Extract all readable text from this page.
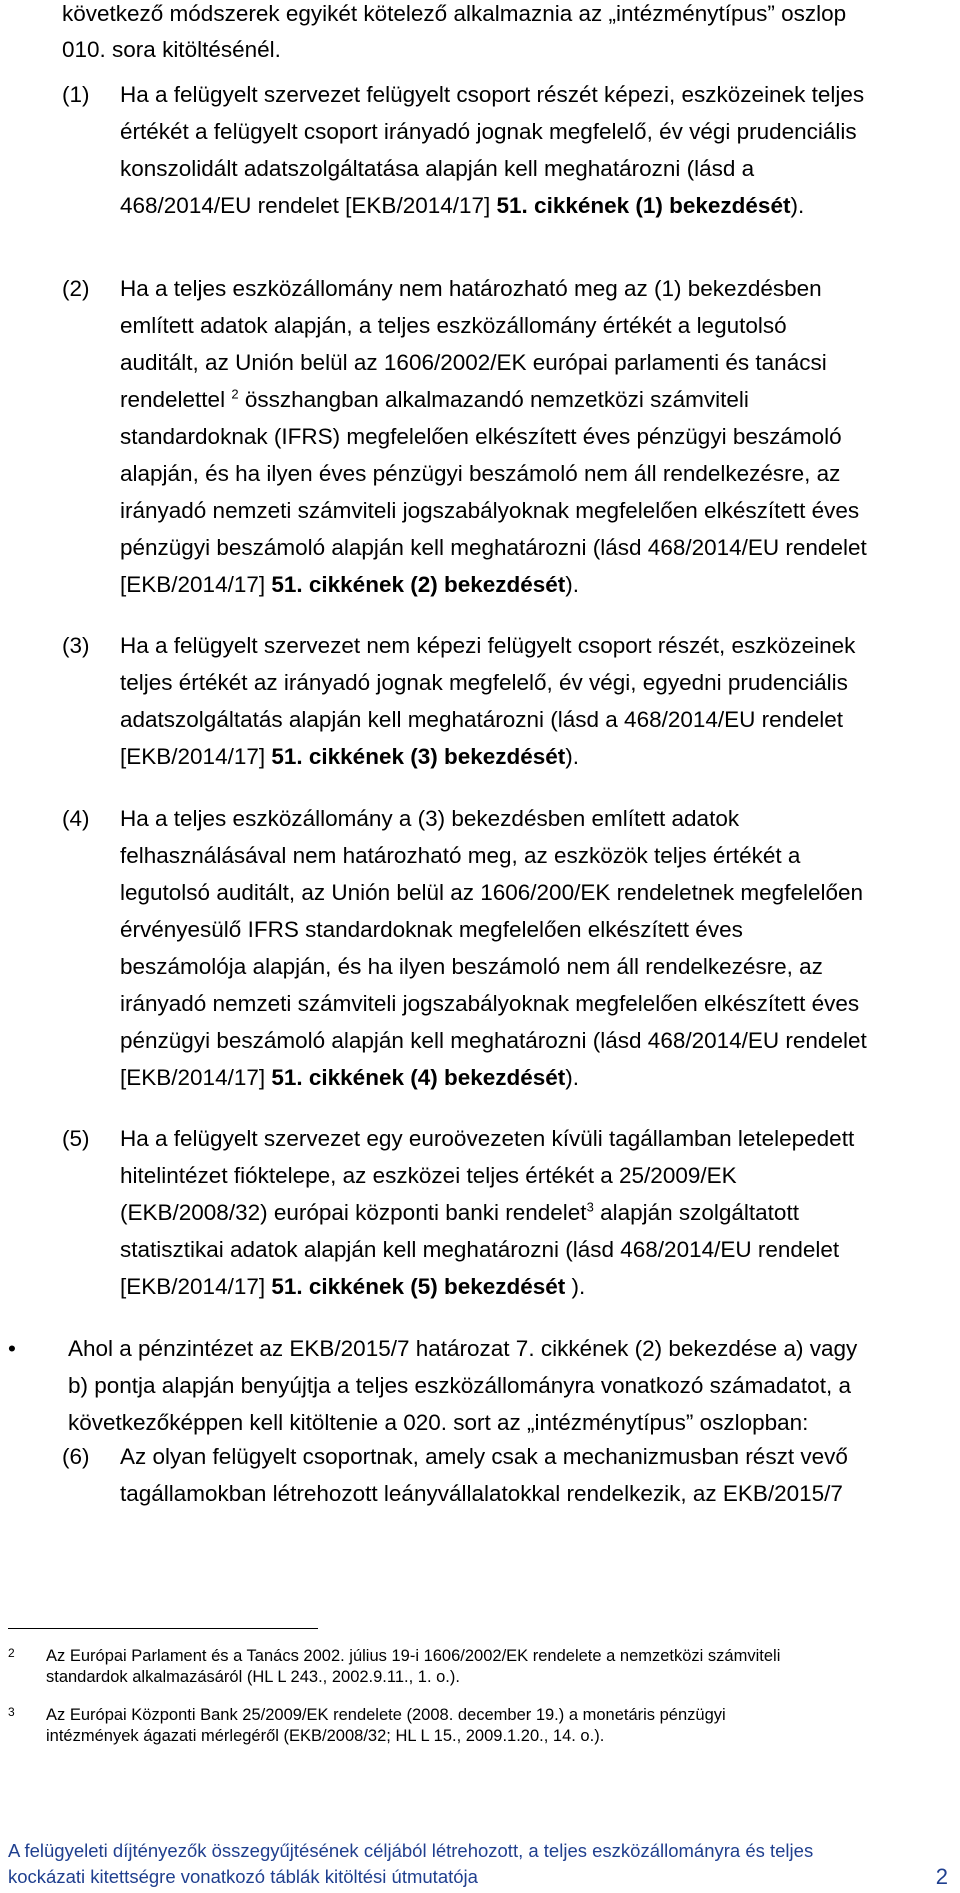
következő módszerek egyikét kötelező alkalmaznia az „intézménytípus” oszlop
010. sora kitöltésénél.
(1) Ha a felügyelt szervezet felügyelt csoport részét képezi, eszközeinek teljes
értékét a felügyelt csoport irányadó jognak megfelelő, év végi prudenciális
konszolidált adatszolgáltatása alapján kell meghatározni (lásd a
468/2014/EU rendelet [EKB/2014/17] 51. cikkének (1) bekezdését).
(2) Ha a teljes eszközállomány nem határozható meg az (1) bekezdésben
említett adatok alapján, a teljes eszközállomány értékét a legutolsó
auditált, az Unión belül az 1606/2002/EK európai parlamenti és tanácsi
rendelettel $^2$ összhangban alkalmazandó nemzetközi számviteli
standardoknak (IFRS) megfelelően elkészített éves pénzügyi beszámoló
alapján, és ha ilyen éves pénzügyi beszámoló nem áll rendelkezésre, az
irányadó nemzeti számviteli jogszabályoknak megfelelően elkészített éves
pénzügyi beszámoló alapján kell meghatározni (lásd 468/2014/EU rendelet
[EKB/2014/17] 51. cikkének (2) bekezdését).
(3) Ha a felügyelt szervezet nem képezi felügyelt csoport részét, eszközeinek
teljes értékét az irányadó jognak megfelelő, év végi, egyedni prudenciális
adatszolgáltatás alapján kell meghatározni (lásd a 468/2014/EU rendelet
[EKB/2014/17] 51. cikkének (3) bekezdését).
(4) Ha a teljes eszközállomány a (3) bekezdésben említett adatok
felhasználásával nem határozható meg, az eszközök teljes értékét a
legutolsó auditált, az Unión belül az 1606/200/EK rendeletnek megfelelően
érvényesülő IFRS standardoknak megfelelően elkészített éves
beszámolója alapján, és ha ilyen beszámoló nem áll rendelkezésre, az
irányadó nemzeti számviteli jogszabályoknak megfelelően elkészített éves
pénzügyi beszámoló alapján kell meghatározni (lásd 468/2014/EU rendelet
[EKB/2014/17] 51. cikkének (4) bekezdését).
(5) Ha a felügyelt szervezet egy euroövezeten kívüli tagállamban letelepedett
hitelintézet fióktelepe, az eszközei teljes értékét a 25/2009/EK
(EKB/2008/32) európai központi banki rendelet$^3$ alapján szolgáltatott
statisztikai adatok alapján kell meghatározni (lásd 468/2014/EU rendelet
[EKB/2014/17] 51. cikkének (5) bekezdését ).
• Ahol a pénzintézet az EKB/2015/7 határozat 7. cikkének (2) bekezdése a) vagy
b) pontja alapján benyújtja a teljes eszközállományra vonatkozó számadatot, a
következőképpen kell kitöltenie a 020. sort az „intézménytípus” oszlopban:
(6) Az olyan felügyelt csoportnak, amely csak a mechanizmusban részt vevő
tagállamokban létrehozott leányvállalatokkal rendelkezik, az EKB/2015/7
2 Az Európai Parlament és a Tanács 2002. július 19-i 1606/2002/EK rendelete a nemzetközi számviteli
standardok alkalmazásáról (HL L 243., 2002.9.11., 1. o.).
3 Az Európai Központi Bank 25/2009/EK rendelete (2008. december 19.) a monetáris pénzügyi
intézmények ágazati mérlegéről (EKB/2008/32; HL L 15., 2009.1.20., 14. o.).
A felügyeleti díjtényezők összegyűjtésének céljából létrehozott, a teljes eszközállományra és teljes
kockázati kitettségre vonatkozó táblák kitöltési útmutatója	2
